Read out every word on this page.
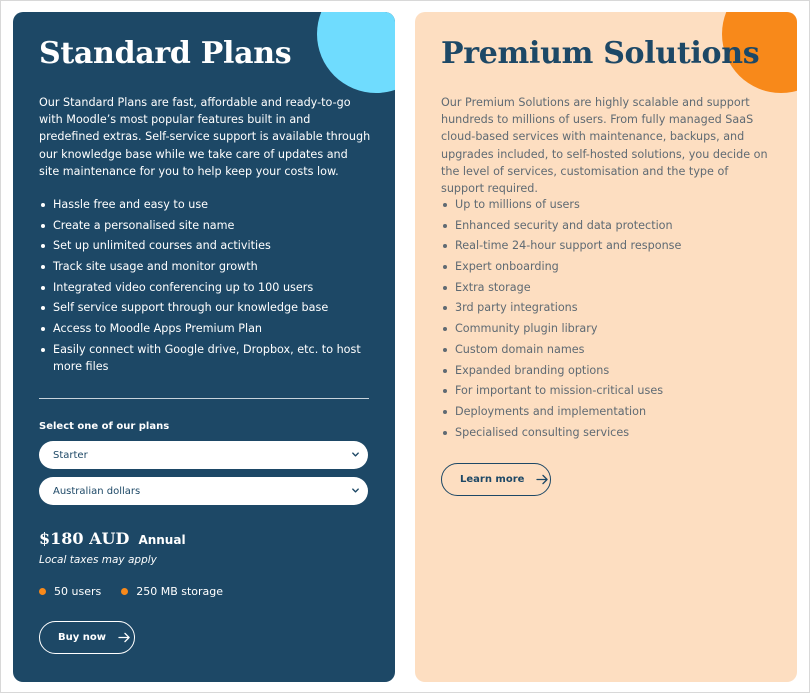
Standard Plans

Our Standard Plans are fast, affordable and ready-to-go with Moodle’s most popular features built in and predefined extras. Self-service support is available through our knowledge base while we take care of updates and site maintenance for you to help keep your costs low.

Hassle free and easy to use
Create a personalised site name
Set up unlimited courses and activities
Track site usage and monitor growth
Integrated video conferencing up to 100 users
Self service support through our knowledge base
Access to Moodle Apps Premium Plan
Easily connect with Google drive, Dropbox, etc. to host more files
Select one of our plans
Starter
Australian dollars
$180 AUD Annual
Local taxes may apply
50 users	250 MB storage
Buy now
Premium Solutions

Our Premium Solutions are highly scalable and support hundreds to millions of users. From fully managed SaaS cloud-based services with maintenance, backups, and upgrades included, to self-hosted solutions, you decide on the level of services, customisation and the type of support required.

Up to millions of users
Enhanced security and data protection
Real-time 24-hour support and response
Expert onboarding
Extra storage
3rd party integrations
Community plugin library
Custom domain names
Expanded branding options
For important to mission-critical uses
Deployments and implementation
Specialised consulting services
Learn more
